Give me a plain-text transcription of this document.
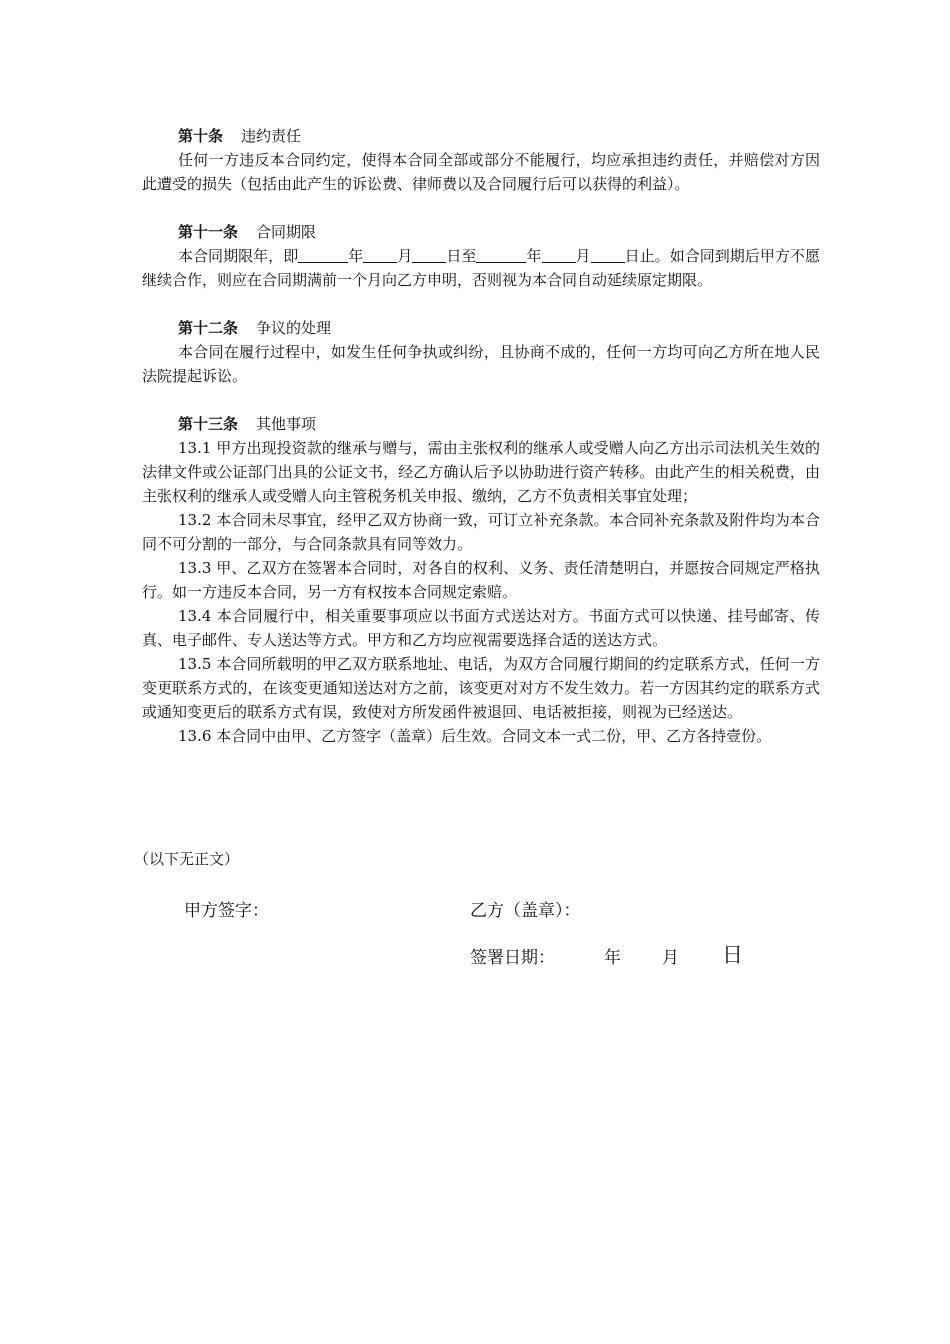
第十条 违约责任

任何一方违反本合同约定，使得本合同全部或部分不能履行，均应承担违约责任，并赔偿对方因此遭受的损失（包括由此产生的诉讼费、律师费以及合同履行后可以获得的利益）。

第十一条 合同期限

本合同期限年，即	年 月 日至	年 月 日止。如合同到期后甲方不愿继续合作，则应在合同期满前一个月向乙方申明，否则视为本合同自动延续原定期限。

第十二条 争议的处理

本合同在履行过程中，如发生任何争执或纠纷，且协商不成的，任何一方均可向乙方所在地人民法院提起诉讼。

第十三条 其他事项

13.1 甲方出现投资款的继承与赠与，需由主张权利的继承人或受赠人向乙方出示司法机关生效的法律文件或公证部门出具的公证文书，经乙方确认后予以协助进行资产转移。由此产生的相关税费，由主张权利的继承人或受赠人向主管税务机关申报、缴纳，乙方不负责相关事宜处理；

13.2 本合同未尽事宜，经甲乙双方协商一致，可订立补充条款。本合同补充条款及附件均为本合同不可分割的一部分，与合同条款具有同等效力。

13.3 甲、乙双方在签署本合同时，对各自的权利、义务、责任清楚明白，并愿按合同规定严格执行。如一方违反本合同，另一方有权按本合同规定索赔。

13.4 本合同履行中，相关重要事项应以书面方式送达对方。书面方式可以快递、挂号邮寄、传真、电子邮件、专人送达等方式。甲方和乙方均应视需要选择合适的送达方式。

13.5 本合同所载明的甲乙双方联系地址、电话，为双方合同履行期间的约定联系方式，任何一方变更联系方式的，在该变更通知送达对方之前，该变更对对方不发生效力。若一方因其约定的联系方式或通知变更后的联系方式有误，致使对方所发函件被退回、电话被拒接，则视为已经送达。

13.6 本合同中由甲、乙方签字（盖章）后生效。合同文本一式二份，甲、乙方各持壹份。

（以下无正文）
甲方签字：	乙方（盖章）：
签署日期：	年 月 日
